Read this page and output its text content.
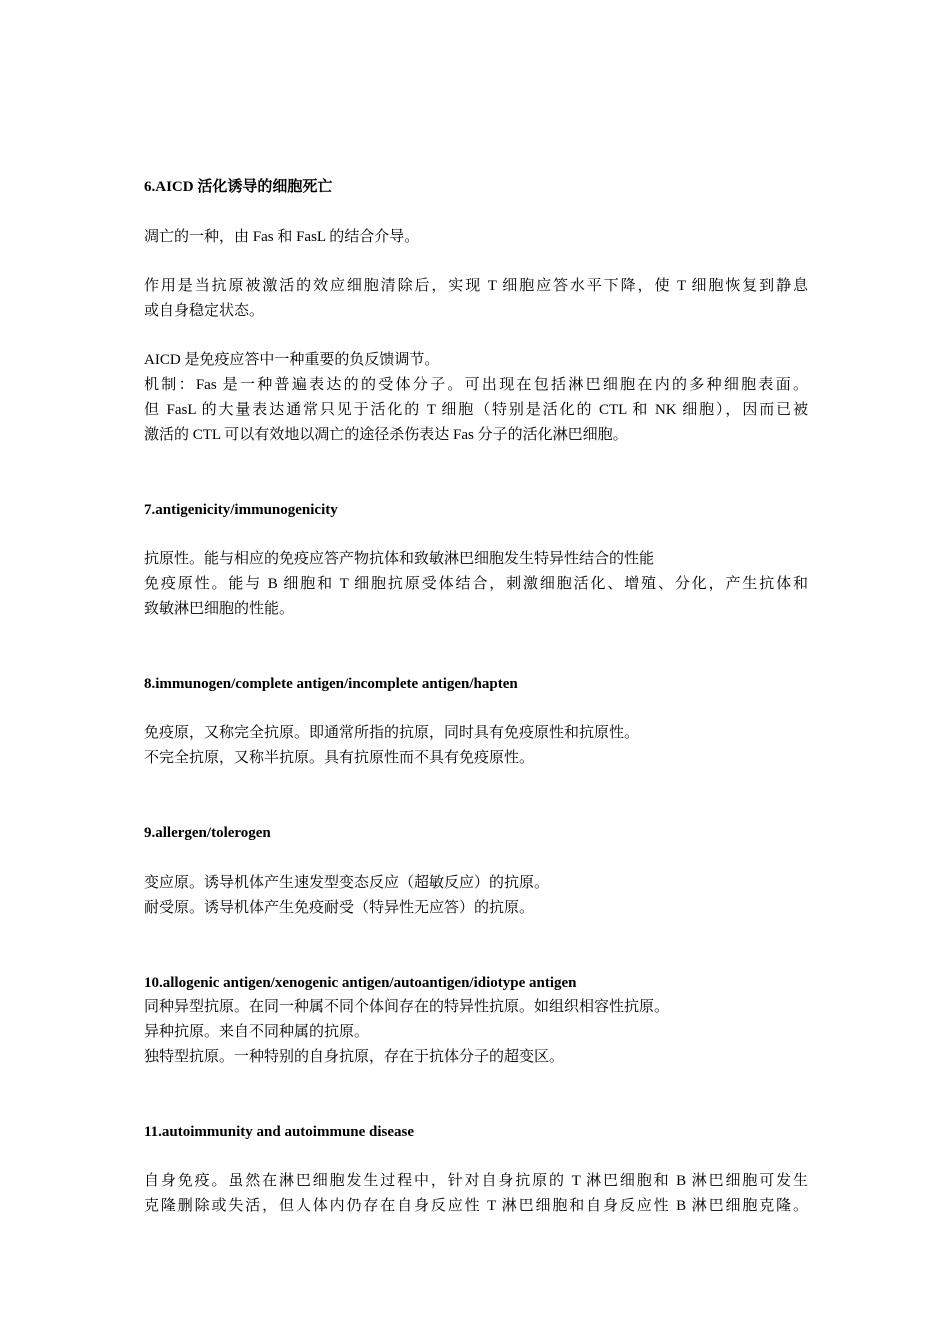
6.AICD 活化诱导的细胞死亡
凋亡的一种，由 Fas 和 FasL 的结合介导。
作用是当抗原被激活的效应细胞清除后，实现 T 细胞应答水平下降，使 T 细胞恢复到静息
或自身稳定状态。
AICD 是免疫应答中一种重要的负反馈调节。
机制：Fas 是一种普遍表达的的受体分子。可出现在包括淋巴细胞在内的多种细胞表面。
但 FasL 的大量表达通常只见于活化的 T 细胞（特别是活化的 CTL 和 NK 细胞），因而已被
激活的 CTL 可以有效地以凋亡的途径杀伤表达 Fas 分子的活化淋巴细胞。
7.antigenicity/immunogenicity
抗原性。能与相应的免疫应答产物抗体和致敏淋巴细胞发生特异性结合的性能
免疫原性。能与 B 细胞和 T 细胞抗原受体结合，刺激细胞活化、增殖、分化，产生抗体和
致敏淋巴细胞的性能。
8.immunogen/complete antigen/incomplete antigen/hapten
免疫原，又称完全抗原。即通常所指的抗原，同时具有免疫原性和抗原性。
不完全抗原，又称半抗原。具有抗原性而不具有免疫原性。
9.allergen/tolerogen
变应原。诱导机体产生速发型变态反应（超敏反应）的抗原。
耐受原。诱导机体产生免疫耐受（特异性无应答）的抗原。
10.allogenic antigen/xenogenic antigen/autoantigen/idiotype antigen
同种异型抗原。在同一种属不同个体间存在的特异性抗原。如组织相容性抗原。
异种抗原。来自不同种属的抗原。
独特型抗原。一种特别的自身抗原，存在于抗体分子的超变区。
11.autoimmunity and autoimmune disease
自身免疫。虽然在淋巴细胞发生过程中，针对自身抗原的 T 淋巴细胞和 B 淋巴细胞可发生
克隆删除或失活，但人体内仍存在自身反应性 T 淋巴细胞和自身反应性 B 淋巴细胞克隆。
